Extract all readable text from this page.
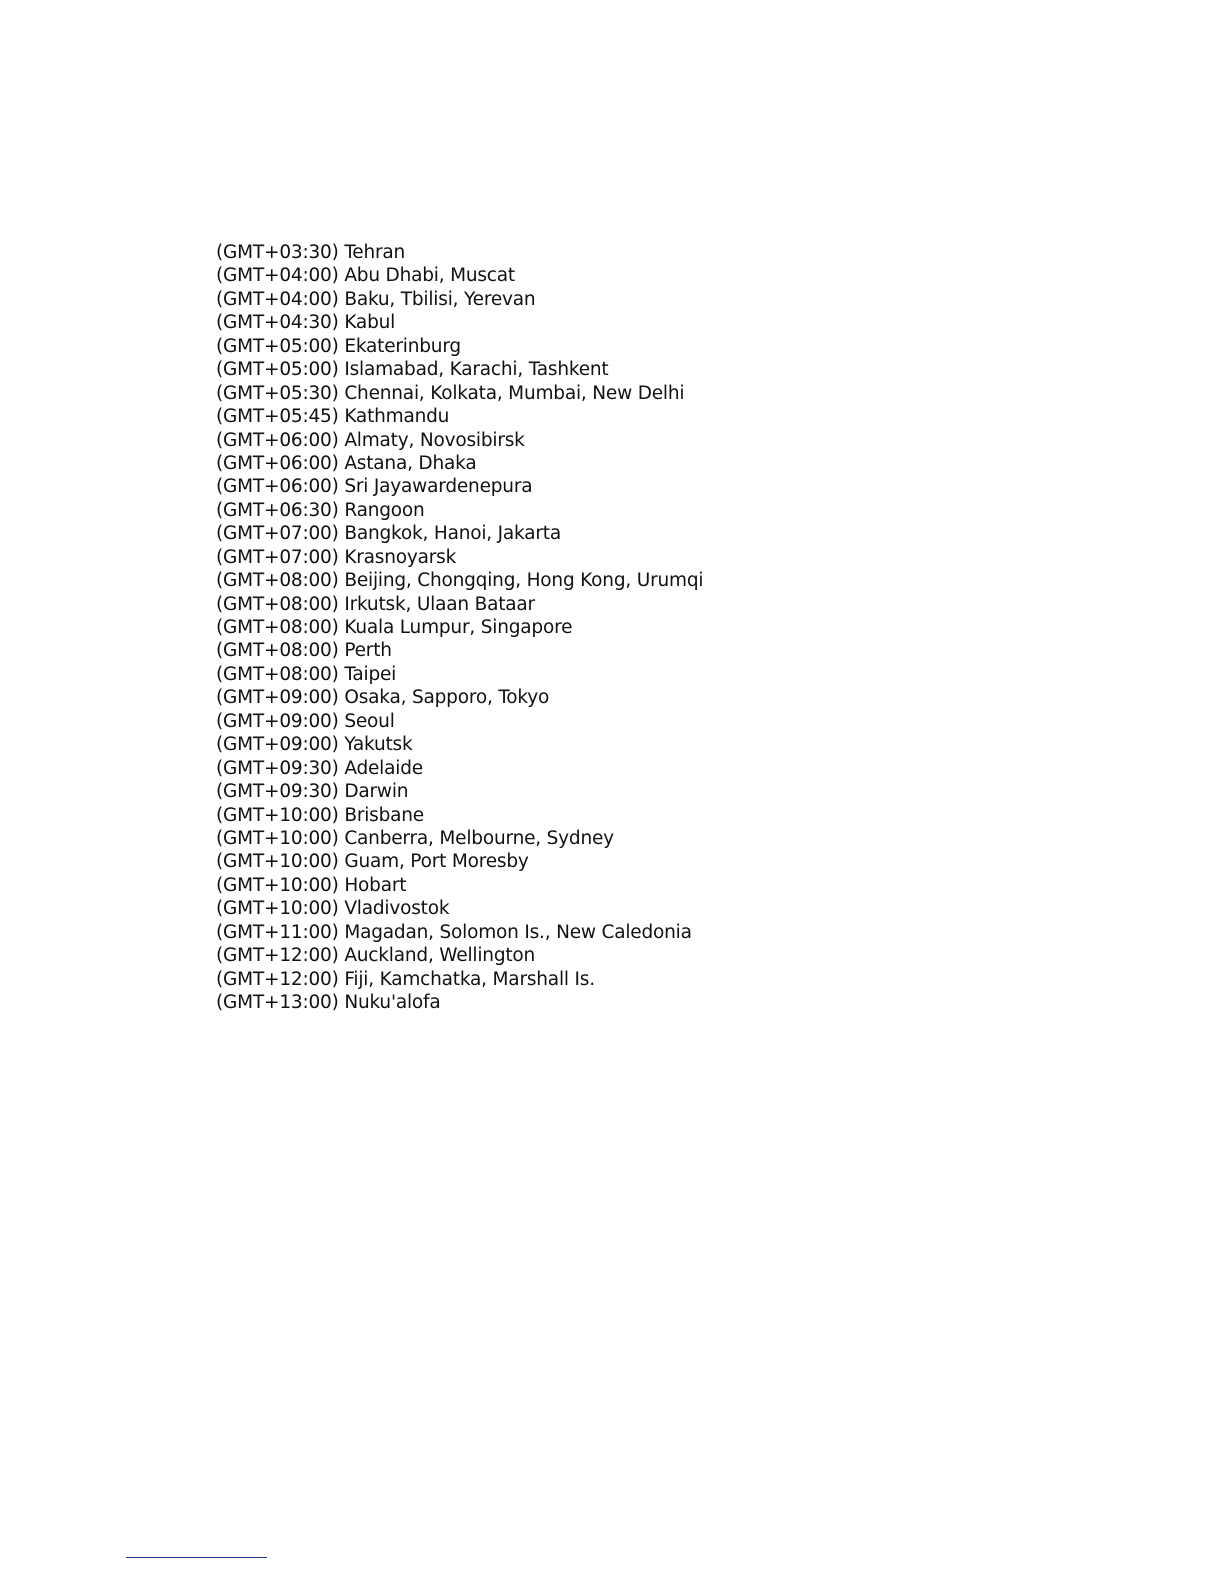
(GMT+03:30) Tehran
(GMT+04:00) Abu Dhabi, Muscat
(GMT+04:00) Baku, Tbilisi, Yerevan
(GMT+04:30) Kabul
(GMT+05:00) Ekaterinburg
(GMT+05:00) Islamabad, Karachi, Tashkent
(GMT+05:30) Chennai, Kolkata, Mumbai, New Delhi
(GMT+05:45) Kathmandu
(GMT+06:00) Almaty, Novosibirsk
(GMT+06:00) Astana, Dhaka
(GMT+06:00) Sri Jayawardenepura
(GMT+06:30) Rangoon
(GMT+07:00) Bangkok, Hanoi, Jakarta
(GMT+07:00) Krasnoyarsk
(GMT+08:00) Beijing, Chongqing, Hong Kong, Urumqi
(GMT+08:00) Irkutsk, Ulaan Bataar
(GMT+08:00) Kuala Lumpur, Singapore
(GMT+08:00) Perth
(GMT+08:00) Taipei
(GMT+09:00) Osaka, Sapporo, Tokyo
(GMT+09:00) Seoul
(GMT+09:00) Yakutsk
(GMT+09:30) Adelaide
(GMT+09:30) Darwin
(GMT+10:00) Brisbane
(GMT+10:00) Canberra, Melbourne, Sydney
(GMT+10:00) Guam, Port Moresby
(GMT+10:00) Hobart
(GMT+10:00) Vladivostok
(GMT+11:00) Magadan, Solomon Is., New Caledonia
(GMT+12:00) Auckland, Wellington
(GMT+12:00) Fiji, Kamchatka, Marshall Is.
(GMT+13:00) Nuku'alofa
